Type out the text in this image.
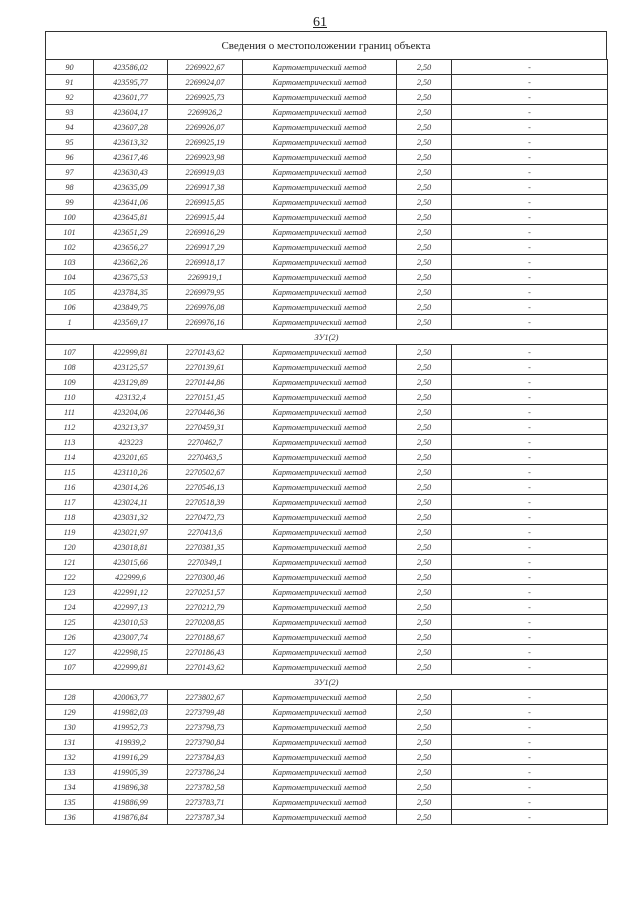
61
Сведения о местоположении границ объекта
90	423586,02	2269922,67	Картометрический метод	2,50	-
91	423595,77	2269924,07	Картометрический метод	2,50	-
92	423601,77	2269925,73	Картометрический метод	2,50	-
93	423604,17	2269926,2	Картометрический метод	2,50	-
94	423607,28	2269926,07	Картометрический метод	2,50	-
95	423613,32	2269925,19	Картометрический метод	2,50	-
96	423617,46	2269923,98	Картометрический метод	2,50	-
97	423630,43	2269919,03	Картометрический метод	2,50	-
98	423635,09	2269917,38	Картометрический метод	2,50	-
99	423641,06	2269915,85	Картометрический метод	2,50	-
100	423645,81	2269915,44	Картометрический метод	2,50	-
101	423651,29	2269916,29	Картометрический метод	2,50	-
102	423656,27	2269917,29	Картометрический метод	2,50	-
103	423662,26	2269918,17	Картометрический метод	2,50	-
104	423675,53	2269919,1	Картометрический метод	2,50	-
105	423784,35	2269979,95	Картометрический метод	2,50	-
106	423849,75	2269976,08	Картометрический метод	2,50	-
1	423569,17	2269976,16	Картометрический метод	2,50	-
ЗУ1(2)					
107	422999,81	2270143,62	Картометрический метод	2,50	-
108	423125,57	2270139,61	Картометрический метод	2,50	-
109	423129,89	2270144,86	Картометрический метод	2,50	-
110	423132,4	2270151,45	Картометрический метод	2,50	-
111	423204,06	2270446,36	Картометрический метод	2,50	-
112	423213,37	2270459,31	Картометрический метод	2,50	-
113	423223	2270462,7	Картометрический метод	2,50	-
114	423201,65	2270463,5	Картометрический метод	2,50	-
115	423110,26	2270502,67	Картометрический метод	2,50	-
116	423014,26	2270546,13	Картометрический метод	2,50	-
117	423024,11	2270518,39	Картометрический метод	2,50	-
118	423031,32	2270472,73	Картометрический метод	2,50	-
119	423021,97	2270413,6	Картометрический метод	2,50	-
120	423018,81	2270381,35	Картометрический метод	2,50	-
121	423015,66	2270349,1	Картометрический метод	2,50	-
122	422999,6	2270300,46	Картометрический метод	2,50	-
123	422991,12	2270251,57	Картометрический метод	2,50	-
124	422997,13	2270212,79	Картометрический метод	2,50	-
125	423010,53	2270208,85	Картометрический метод	2,50	-
126	423007,74	2270188,67	Картометрический метод	2,50	-
127	422998,15	2270186,43	Картометрический метод	2,50	-
107	422999,81	2270143,62	Картометрический метод	2,50	-
ЗУ1(2)					
128	420063,77	2273802,67	Картометрический метод	2,50	-
129	419982,03	2273799,48	Картометрический метод	2,50	-
130	419952,73	2273798,73	Картометрический метод	2,50	-
131	419939,2	2273790,84	Картометрический метод	2,50	-
132	419916,29	2273784,83	Картометрический метод	2,50	-
133	419905,39	2273786,24	Картометрический метод	2,50	-
134	419896,38	2273782,58	Картометрический метод	2,50	-
135	419886,99	2273783,71	Картометрический метод	2,50	-
136	419876,84	2273787,34	Картометрический метод	2,50	-
